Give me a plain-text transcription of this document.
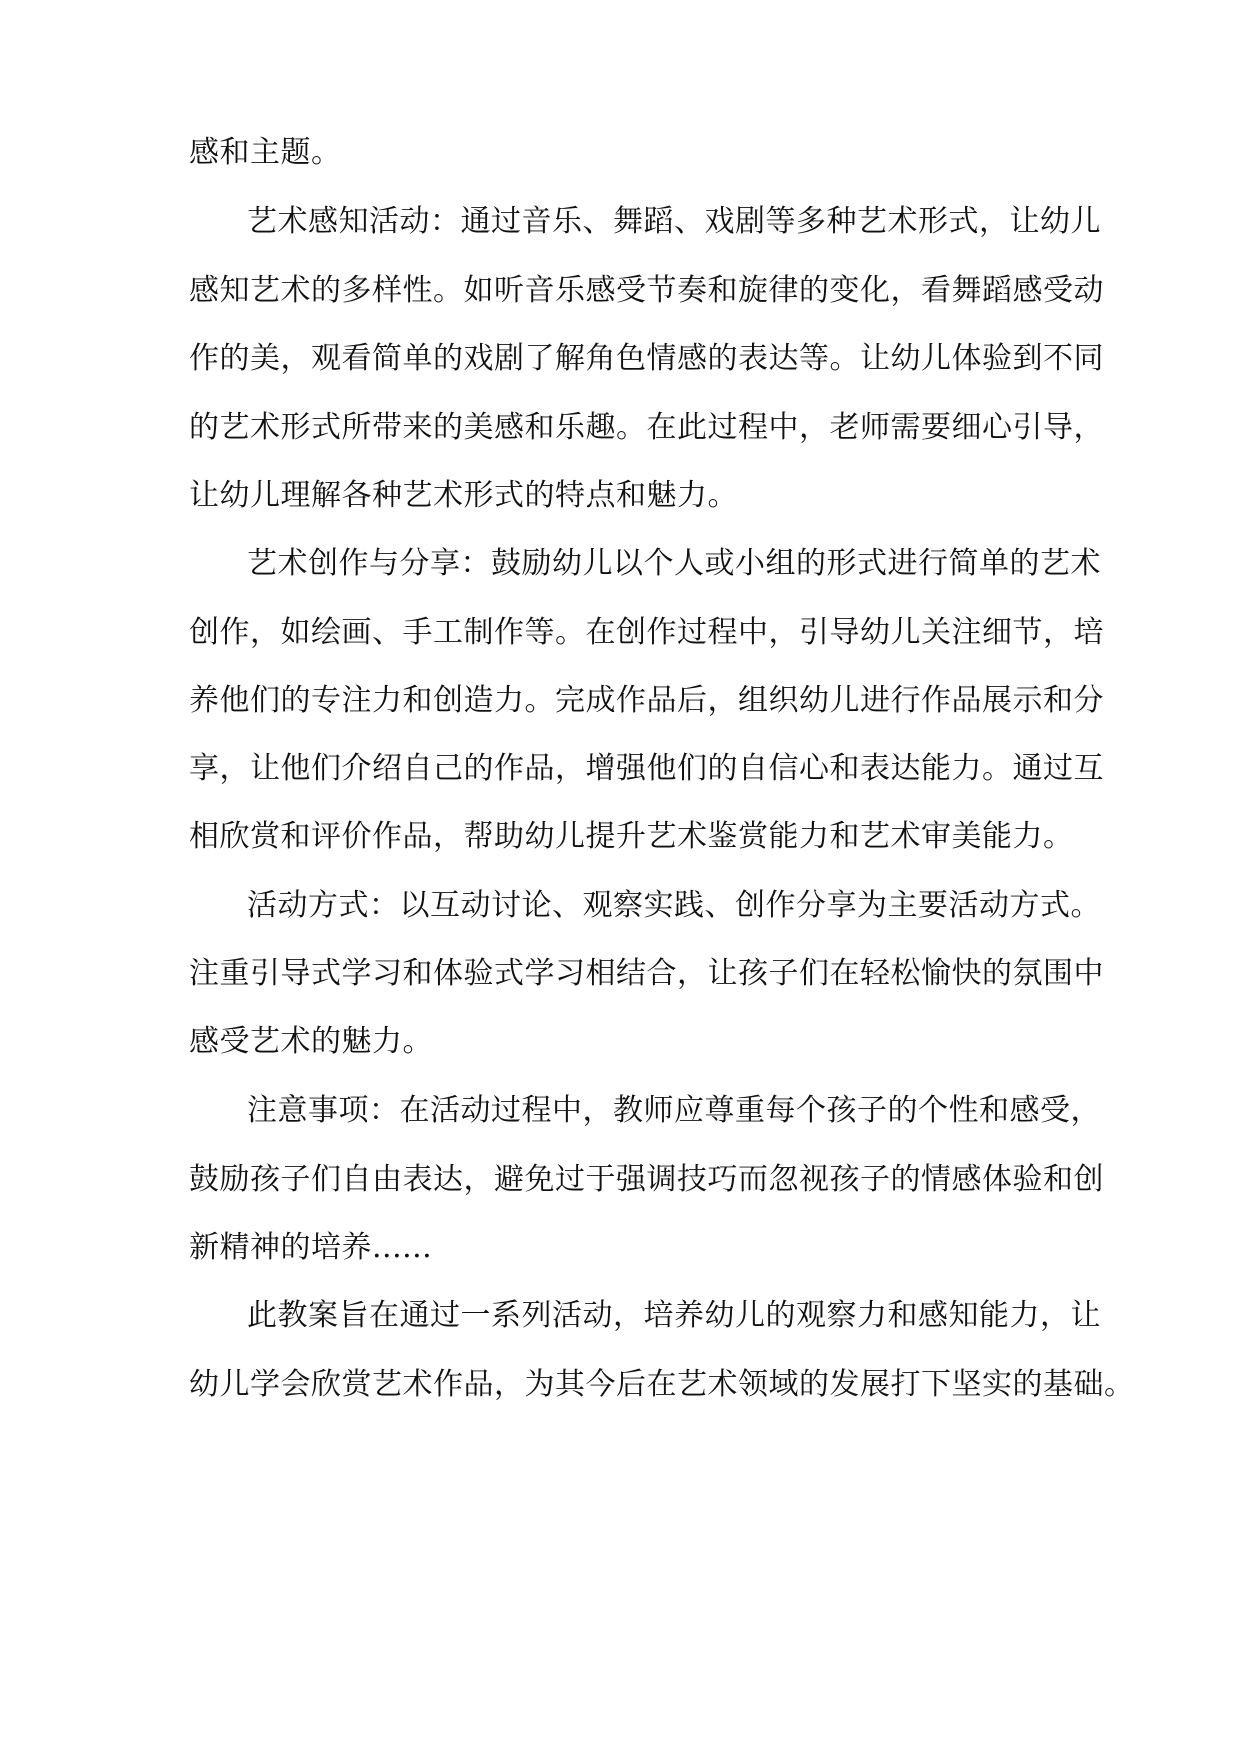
感和主题。
艺术感知活动：通过音乐、舞蹈、戏剧等多种艺术形式，让幼儿
感知艺术的多样性。如听音乐感受节奏和旋律的变化，看舞蹈感受动
作的美，观看简单的戏剧了解角色情感的表达等。让幼儿体验到不同
的艺术形式所带来的美感和乐趣。在此过程中，老师需要细心引导，
让幼儿理解各种艺术形式的特点和魅力。
艺术创作与分享：鼓励幼儿以个人或小组的形式进行简单的艺术
创作，如绘画、手工制作等。在创作过程中，引导幼儿关注细节，培
养他们的专注力和创造力。完成作品后，组织幼儿进行作品展示和分
享，让他们介绍自己的作品，增强他们的自信心和表达能力。通过互
相欣赏和评价作品，帮助幼儿提升艺术鉴赏能力和艺术审美能力。
活动方式：以互动讨论、观察实践、创作分享为主要活动方式。
注重引导式学习和体验式学习相结合，让孩子们在轻松愉快的氛围中
感受艺术的魅力。
注意事项：在活动过程中，教师应尊重每个孩子的个性和感受，
鼓励孩子们自由表达，避免过于强调技巧而忽视孩子的情感体验和创
新精神的培养......
此教案旨在通过一系列活动，培养幼儿的观察力和感知能力，让
幼儿学会欣赏艺术作品，为其今后在艺术领域的发展打下坚实的基础。
